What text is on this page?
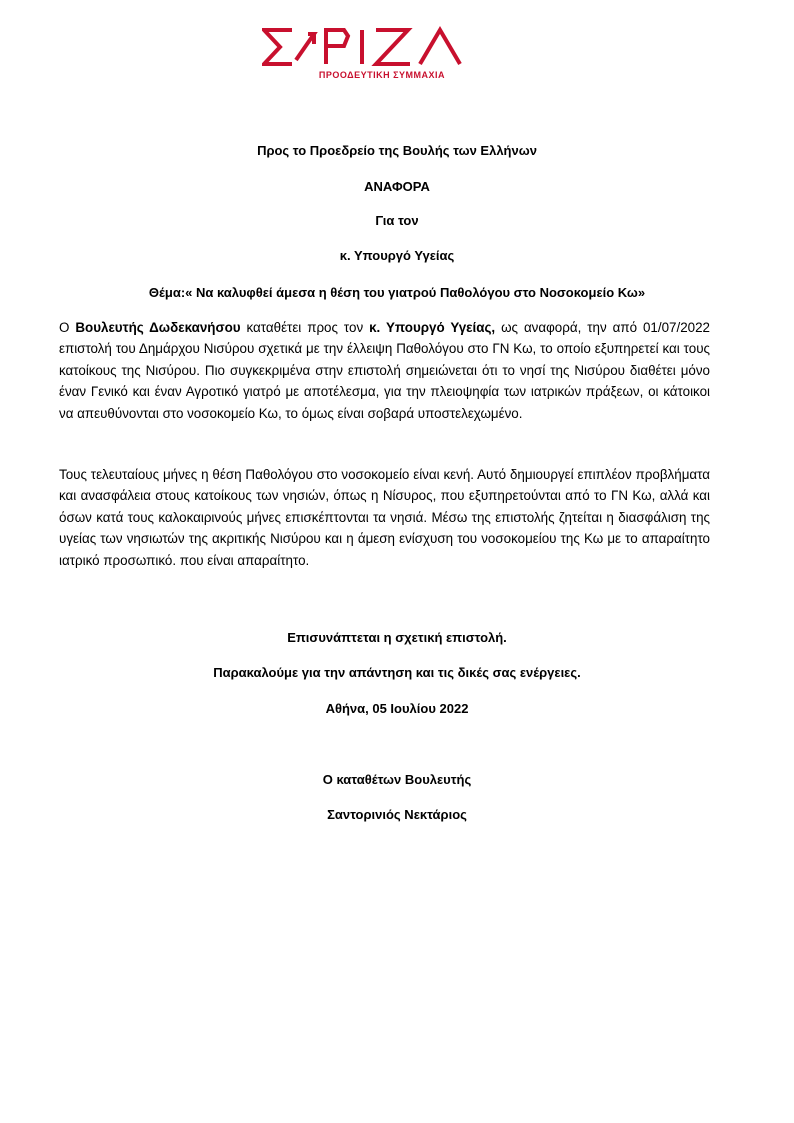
ΠΡΟΟΔΕΥΤΙΚΗ ΣΥΜΜΑΧΙΑ
Προς το Προεδρείο της Βουλής των Ελλήνων
ΑΝΑΦΟΡΑ
Για τον
κ. Υπουργό Υγείας
Θέμα:« Να καλυφθεί άμεσα η θέση του γιατρού Παθολόγου στο Νοσοκομείο Κω»

Ο Βουλευτής Δωδεκανήσου καταθέτει προς τον κ. Υπουργό Υγείας, ως αναφορά, την από 01/07/2022 επιστολή του Δημάρχου Νισύρου σχετικά με την έλλειψη Παθολόγου στο ΓΝ Κω, το οποίο εξυπηρετεί και τους κατοίκους της Νισύρου. Πιο συγκεκριμένα στην επιστολή σημειώνεται ότι το νησί της Νισύρου διαθέτει μόνο έναν Γενικό και έναν Αγροτικό γιατρό με αποτέλεσμα, για την πλειοψηφία των ιατρικών πράξεων, οι κάτοικοι να απευθύνονται στο νοσοκομείο Κω, το όμως είναι σοβαρά υποστελεχωμένο.

Τους τελευταίους μήνες η θέση Παθολόγου στο νοσοκομείο είναι κενή. Αυτό δημιουργεί επιπλέον προβλήματα και ανασφάλεια στους κατοίκους των νησιών, όπως η Νίσυρος, που εξυπηρετούνται από το ΓΝ Κω, αλλά και όσων κατά τους καλοκαιρινούς μήνες επισκέπτονται τα νησιά. Μέσω της επιστολής ζητείται η διασφάλιση της υγείας των νησιωτών της ακριτικής Νισύρου και η άμεση ενίσχυση του νοσοκομείου της Κω με το απαραίτητο ιατρικό προσωπικό. που είναι απαραίτητο.

Επισυνάπτεται η σχετική επιστολή.
Παρακαλούμε για την απάντηση και τις δικές σας ενέργειες.
Αθήνα, 05 Ιουλίου 2022
Ο καταθέτων Βουλευτής
Σαντορινιός Νεκτάριος
